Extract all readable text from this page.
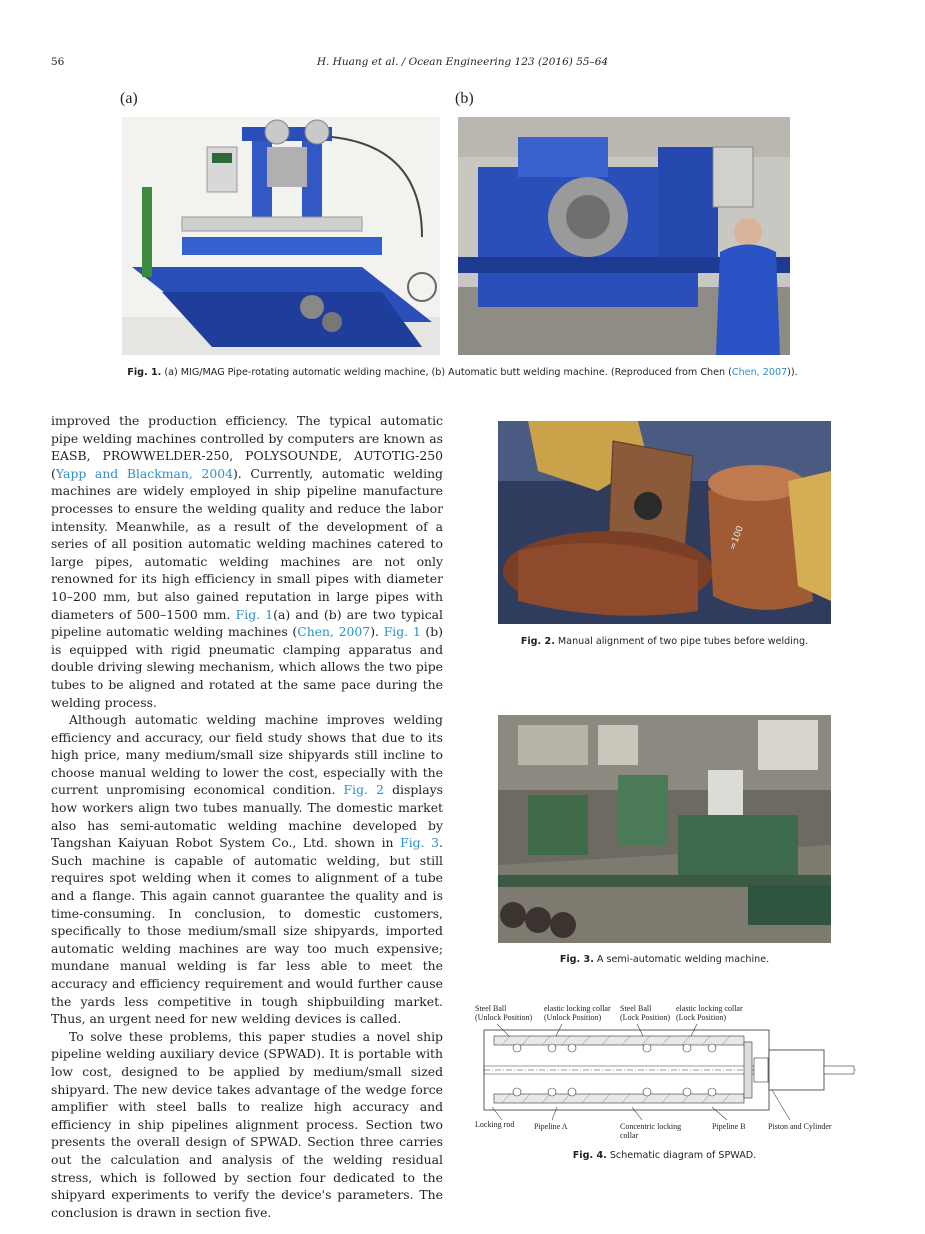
56	H. Huang et al. / Ocean Engineering 123 (2016) 55–64
(a)	(b)
Fig. 1. (a) MIG/MAG Pipe-rotating automatic welding machine, (b) Automatic butt welding machine. (Reproduced from Chen (Chen, 2007)).

improved the production efficiency. The typical automatic pipe welding machines controlled by computers are known as EASB, PROWWELDER-250, POLYSOUNDE, AUTOTIG-250 (Yapp and Blackman, 2004). Currently, automatic welding machines are widely employed in ship pipeline manufacture processes to ensure the welding quality and reduce the labor intensity. Meanwhile, as a result of the development of a series of all position automatic welding machines catered to large pipes, automatic welding machines are not only renowned for its high efficiency in small pipes with diameter 10–200 mm, but also gained reputation in large pipes with diameters of 500–1500 mm. Fig. 1(a) and (b) are two typical pipeline automatic welding machines (Chen, 2007). Fig. 1 (b) is equipped with rigid pneumatic clamping apparatus and double driving slewing mechanism, which allows the two pipe tubes to be aligned and rotated at the same pace during the welding process.

Although automatic welding machine improves welding efficiency and accuracy, our field study shows that due to its high price, many medium/small size shipyards still incline to choose manual welding to lower the cost, especially with the current unpromising economical condition. Fig. 2 displays how workers align two tubes manually. The domestic market also has semi-automatic welding machine developed by Tangshan Kaiyuan Robot System Co., Ltd. shown in Fig. 3. Such machine is capable of automatic welding, but still requires spot welding when it comes to alignment of a tube and a flange. This again cannot guarantee the quality and is time-consuming. In conclusion, to domestic customers, specifically to those medium/small size shipyards, imported automatic welding machines are way too much expensive; mundane manual welding is far less able to meet the accuracy and efficiency requirement and would further cause the yards less competitive in tough shipbuilding market. Thus, an urgent need for new welding devices is called.

To solve these problems, this paper studies a novel ship pipeline welding auxiliary device (SPWAD). It is portable with low cost, designed to be applied by medium/small sized shipyard. The new device takes advantage of the wedge force amplifier with steel balls to realize high accuracy and efficiency in ship pipelines alignment process. Section two presents the overall design of SPWAD. Section three carries out the calculation and analysis of the welding residual stress, which is followed by section four dedicated to the shipyard experiments to verify the device's parameters. The conclusion is drawn in section five.

=100
Fig. 2. Manual alignment of two pipe tubes before welding.
Fig. 3. A semi-automatic welding machine.
Steel Ball
(Unlock Position)
elastic locking collar
(Unlock Position)
Steel Ball
(Lock Position)
elastic locking collar
(Lock Position)
Locking rod Pipeline A	Concentric locking
collar
Pipeline B	Piston and Cylinder
Fig. 4. Schematic diagram of SPWAD.
